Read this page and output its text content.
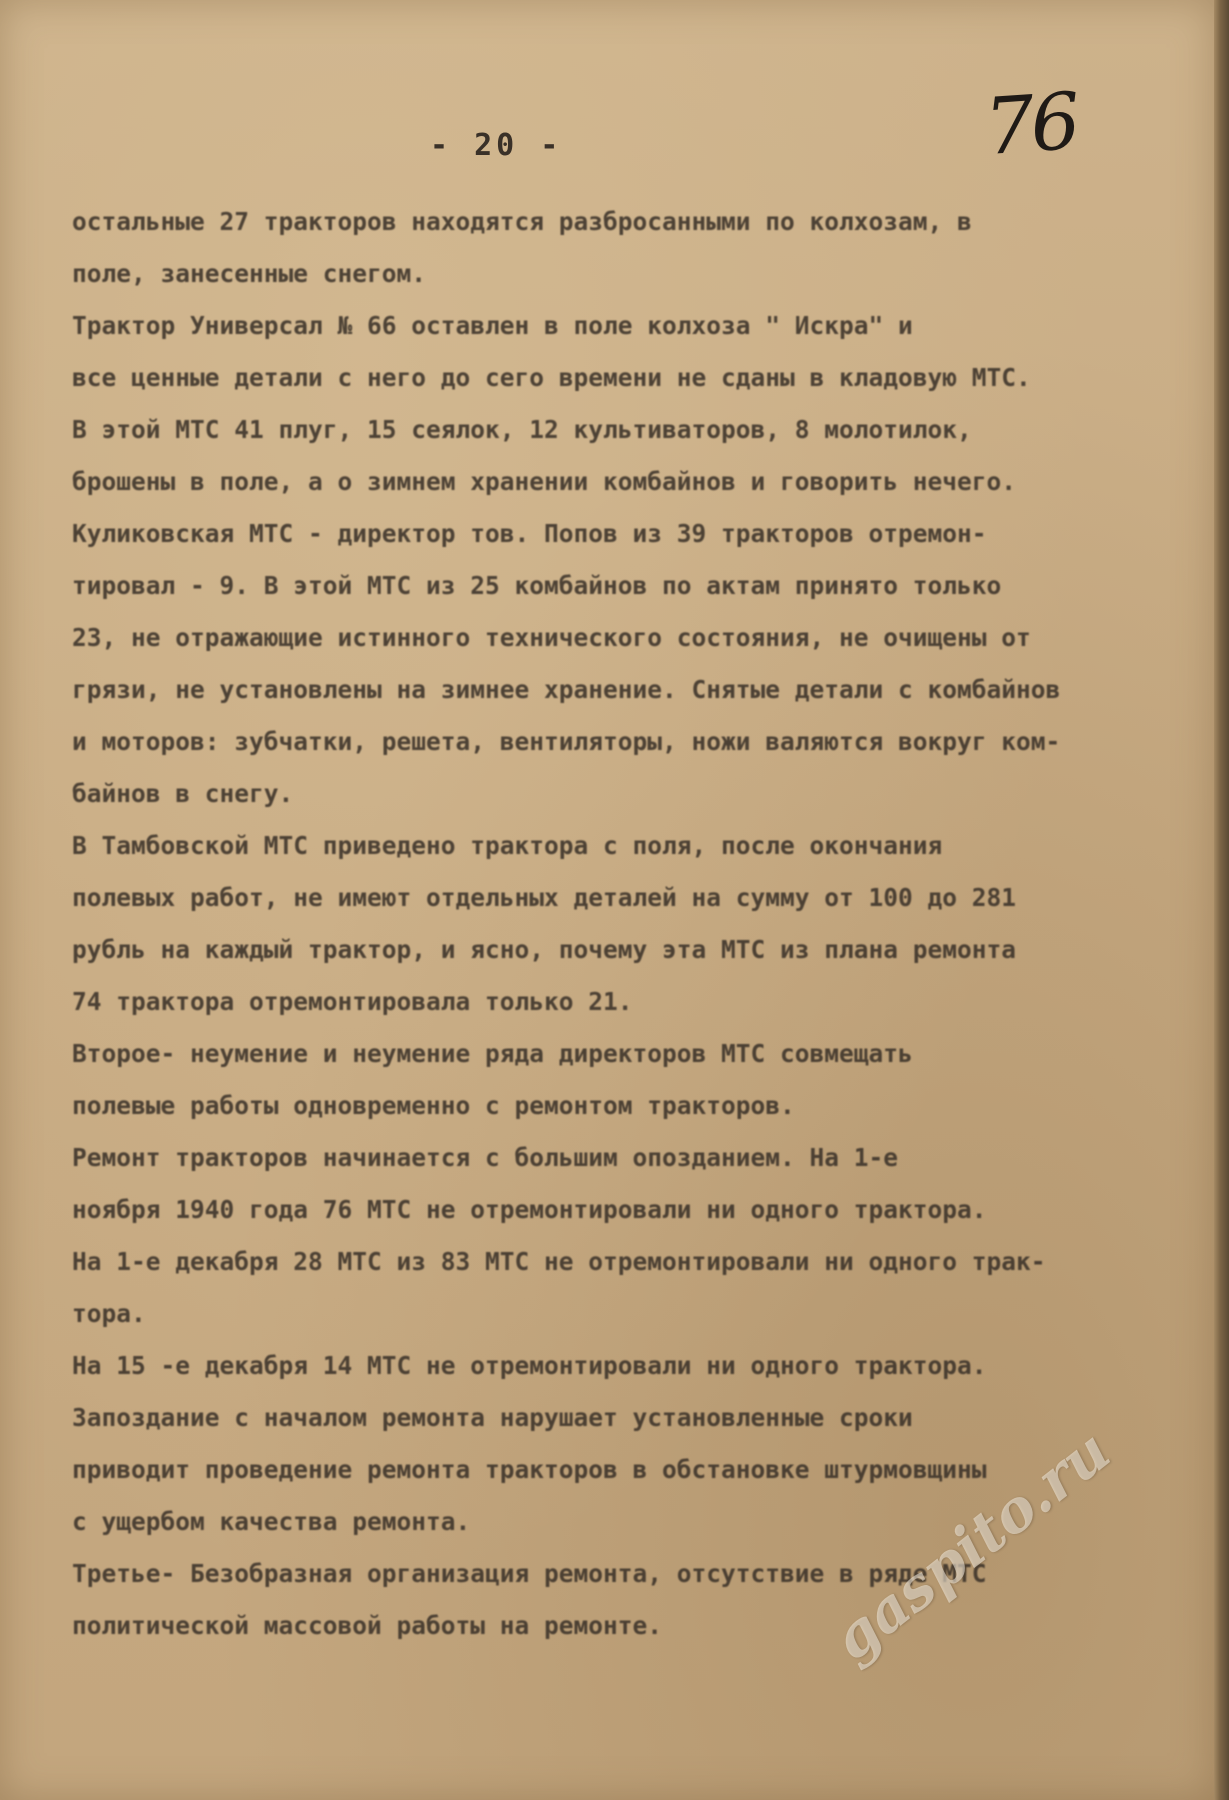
76
- 20 -
остальные 27 тракторов находятся разбросанными по колхозам, в
поле, занесенные снегом.
Трактор Универсал № 66 оставлен в поле колхоза " Искра" и
все ценные детали с него до сего времени не сданы в кладовую МТС.
В этой МТС 41 плуг, 15 сеялок, 12 культиваторов, 8 молотилок,
брошены в поле, а о зимнем хранении комбайнов и говорить нечего.
Куликовская МТС - директор тов. Попов из 39 тракторов отремон-
тировал - 9. В этой МТС из 25 комбайнов по актам принято только
23, не отражающие истинного технического состояния, не очищены от
грязи, не установлены на зимнее хранение. Снятые детали с комбайнов
и моторов: зубчатки, решета, вентиляторы, ножи валяются вокруг ком-
байнов в снегу.
В Тамбовской МТС приведено трактора с поля, после окончания
полевых работ, не имеют отдельных деталей на сумму от 100 до 281
рубль на каждый трактор, и ясно, почему эта МТС из плана ремонта
74 трактора отремонтировала только 21.
Второе- неумение и неумение ряда директоров МТС совмещать
полевые работы одновременно с ремонтом тракторов.
Ремонт тракторов начинается с большим опозданием. На 1-е
ноября 1940 года 76 МТС не отремонтировали ни одного трактора.
На 1-е декабря 28 МТС из 83 МТС не отремонтировали ни одного трак-
тора.
На 15 -е декабря 14 МТС не отремонтировали ни одного трактора.
Запоздание с началом ремонта нарушает установленные сроки
приводит проведение ремонта тракторов в обстановке штурмовщины
с ущербом качества ремонта.
Третье- Безобразная организация ремонта, отсутствие в ряде МТС
политической массовой работы на ремонте.	gaspito.ru
